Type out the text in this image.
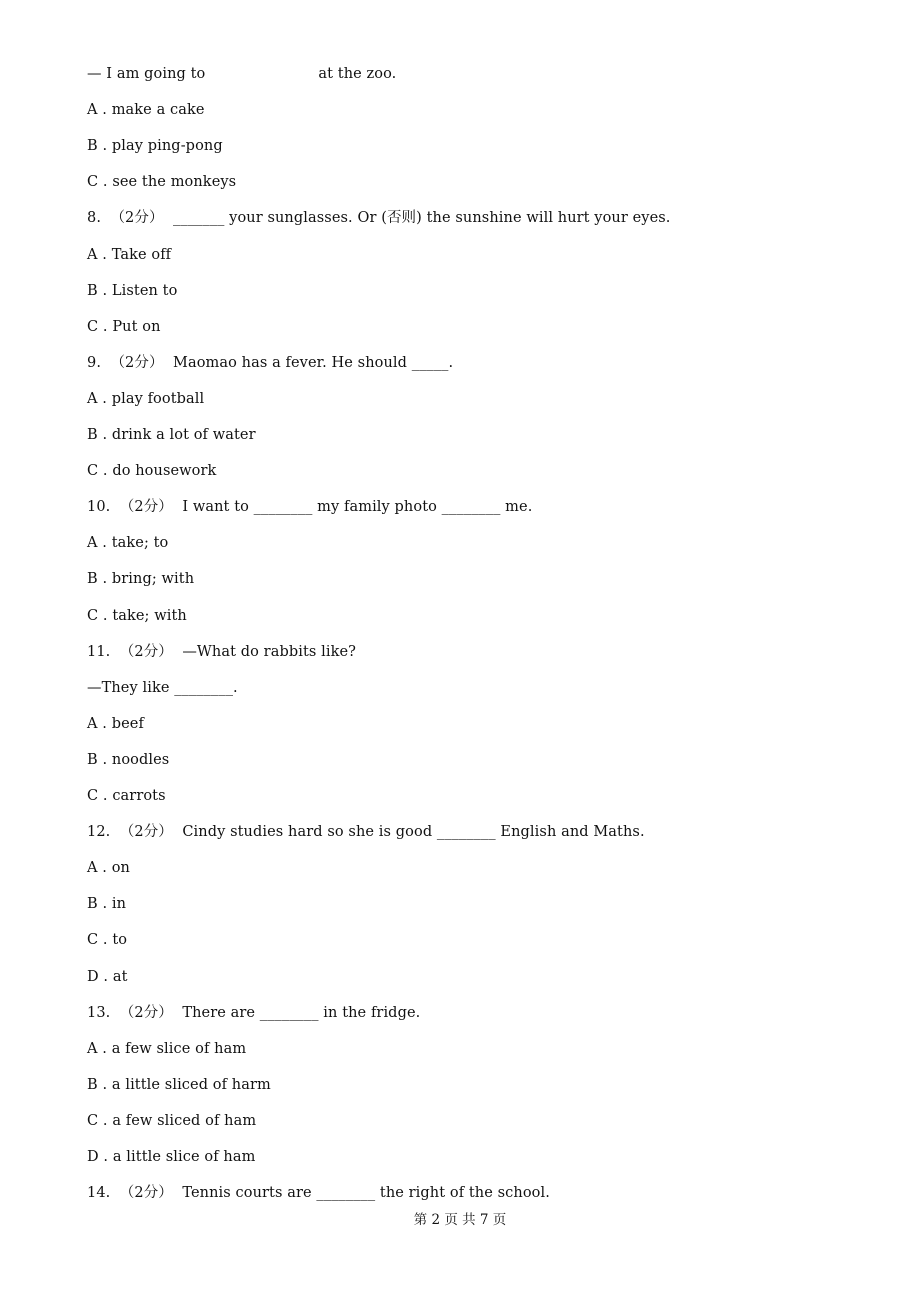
— I am going to                        at the zoo.
A . make a cake
B . play ping-pong
C . see the monkeys
8.  （2分）  _______ your sunglasses. Or (否则) the sunshine will hurt your eyes.
A . Take off
B . Listen to
C . Put on
9.  （2分）  Maomao has a fever. He should _____.
A . play football
B . drink a lot of water
C . do housework
10.  （2分）  I want to ________ my family photo ________ me.
A . take; to
B . bring; with
C . take; with
11.  （2分）  —What do rabbits like?
—They like ________.
A . beef
B . noodles
C . carrots
12.  （2分）  Cindy studies hard so she is good ________ English and Maths.
A . on
B . in
C . to
D . at
13.  （2分）  There are ________ in the fridge.
A . a few slice of ham
B . a little sliced of harm
C . a few sliced of ham
D . a little slice of ham
14.  （2分）  Tennis courts are ________ the right of the school.
第 2 页 共 7 页
